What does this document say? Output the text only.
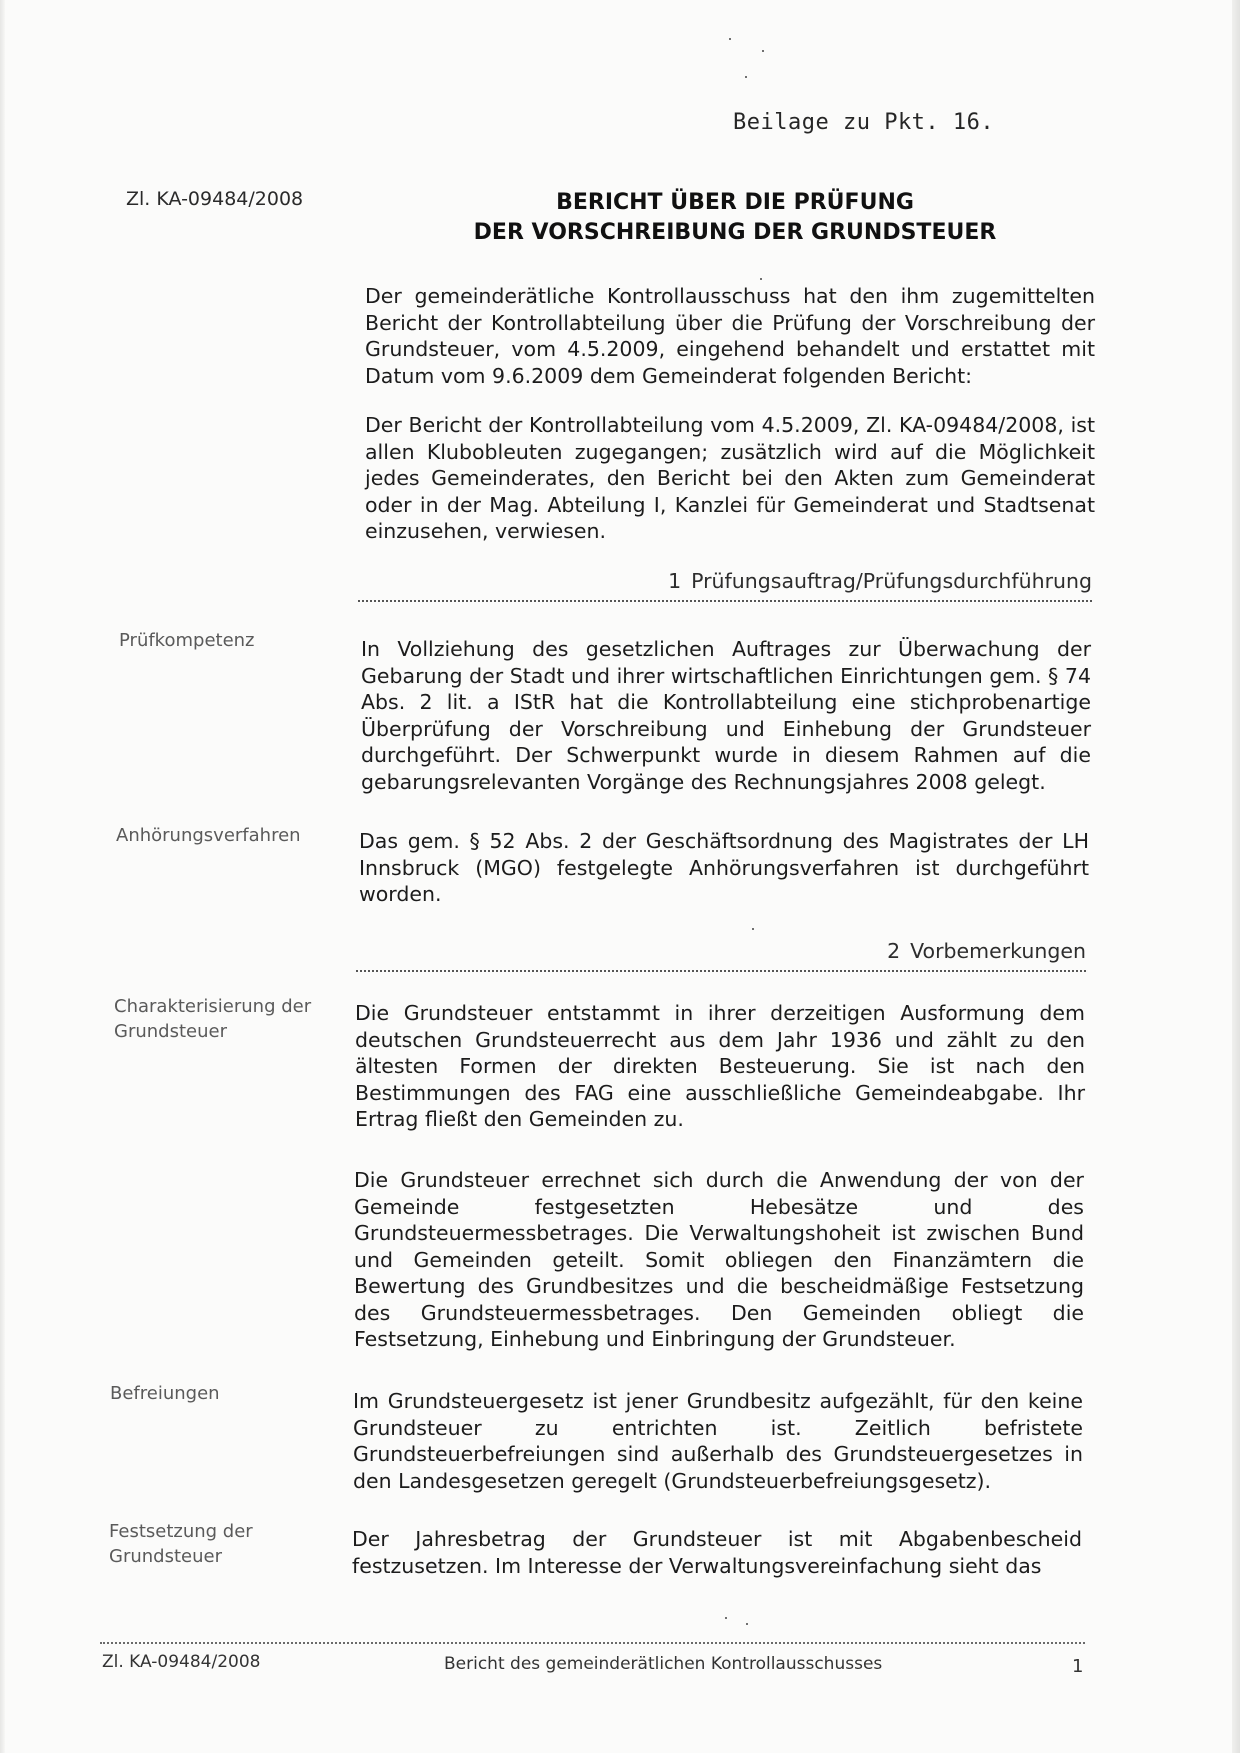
Beilage zu Pkt. 16.
Zl. KA-09484/2008	BERICHT ÜBER DIE PRÜFUNG
DER VORSCHREIBUNG DER GRUNDSTEUER
Der gemeinderätliche Kontrollausschuss hat den ihm zugemittelten Bericht der Kontrollabteilung über die Prüfung der Vorschreibung der Grundsteuer, vom 4.5.2009, eingehend behandelt und erstattet mit Datum vom 9.6.2009 dem Gemeinderat folgenden Bericht:
Der Bericht der Kontrollabteilung vom 4.5.2009, Zl. KA-09484/2008, ist allen Klubobleuten zugegangen; zusätzlich wird auf die Möglichkeit jedes Gemeinderates, den Bericht bei den Akten zum Gemeinderat oder in der Mag. Abteilung I, Kanzlei für Gemeinderat und Stadtsenat einzusehen, verwiesen.
1 Prüfungsauftrag/Prüfungsdurchführung
Prüfkompetenz	In Vollziehung des gesetzlichen Auftrages zur Überwachung der Gebarung der Stadt und ihrer wirtschaftlichen Einrichtungen gem. § 74 Abs. 2 lit. a IStR hat die Kontrollabteilung eine stichprobenartige Überprüfung der Vorschreibung und Einhebung der Grundsteuer durchgeführt. Der Schwerpunkt wurde in diesem Rahmen auf die gebarungsrelevanten Vorgänge des Rechnungsjahres 2008 gelegt.
Anhörungsverfahren	Das gem. § 52 Abs. 2 der Geschäftsordnung des Magistrates der LH Innsbruck (MGO) festgelegte Anhörungsverfahren ist durchgeführt worden.
2 Vorbemerkungen
Charakterisierung der
Grundsteuer
Die Grundsteuer entstammt in ihrer derzeitigen Ausformung dem deutschen Grundsteuerrecht aus dem Jahr 1936 und zählt zu den ältesten Formen der direkten Besteuerung. Sie ist nach den Bestimmungen des FAG eine ausschließliche Gemeindeabgabe. Ihr Ertrag fließt den Gemeinden zu.
Die Grundsteuer errechnet sich durch die Anwendung der von der Gemeinde festgesetzten Hebesätze und des Grundsteuermessbetrages. Die Verwaltungshoheit ist zwischen Bund und Gemeinden geteilt. Somit obliegen den Finanzämtern die Bewertung des Grundbesitzes und die bescheidmäßige Festsetzung des Grundsteuermessbetrages. Den Gemeinden obliegt die Festsetzung, Einhebung und Einbringung der Grundsteuer.
Befreiungen	Im Grundsteuergesetz ist jener Grundbesitz aufgezählt, für den keine Grundsteuer zu entrichten ist. Zeitlich befristete Grundsteuerbefreiungen sind außerhalb des Grundsteuergesetzes in den Landesgesetzen geregelt (Grundsteuerbefreiungsgesetz).
Festsetzung der
Grundsteuer
Der Jahresbetrag der Grundsteuer ist mit Abgabenbescheid festzusetzen. Im Interesse der Verwaltungsvereinfachung sieht das
Zl. KA-09484/2008	Bericht des gemeinderätlichen Kontrollausschusses	1
